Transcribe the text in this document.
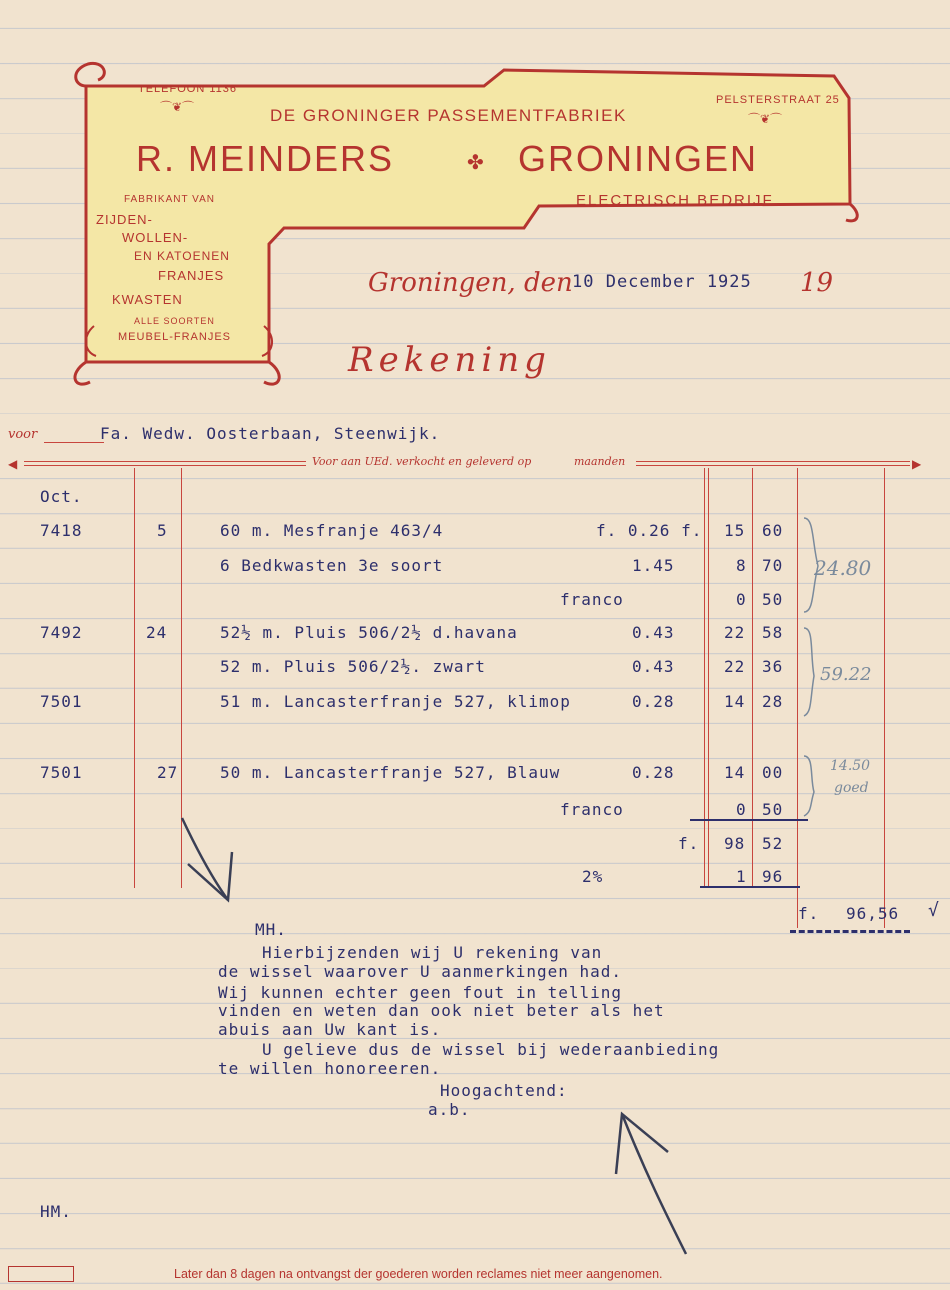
TELEFOON 1136
⌒❦⌒	PELSTERSTRAAT 25
⌒❦⌒
DE GRONINGER PASSEMENTFABRIEK
R. MEINDERS	✤ GRONINGEN
ELECTRISCH BEDRIJF
FABRIKANT VAN
ZIJDEN-
WOLLEN-
EN KATOENEN
FRANJES
KWASTEN
ALLE SOORTEN
MEUBEL-FRANJES
Groningen, den 10 December 1925 19
Rekening
voor	Fa. Wedw. Oosterbaan, Steenwijk.
◀	Voor aan UEd. verkocht en geleverd op	maanden	▶
Oct.
7418	5	60 m. Mesfranje 463/4	f. 0.26 f. 15 60
6 Bedkwasten 3e soort	1.45	8 70
franco	0 50
7492	24	52½ m. Pluis 506/2½ d.havana	0.43	22 58
52 m. Pluis 506/2½. zwart	0.43	22 36
7501	51 m. Lancasterfranje 527, klimop	0.28	14 28
7501	27	50 m. Lancasterfranje 527, Blauw	0.28	14 00
franco	0 50
f. 98 52
2%	1 96
f. 96,56 √
24.80
59.22
14.50
goed
MH.
Hierbijzenden wij U rekening van
de wissel waarover U aanmerkingen had.
Wij kunnen echter geen fout in telling
vinden en weten dan ook niet beter als het
abuis aan Uw kant is.
U gelieve dus de wissel bij wederaanbieding
te willen honoreeren.
Hoogachtend:
a.b.
HM.
Later dan 8 dagen na ontvangst der goederen worden reclames niet meer aangenomen.
